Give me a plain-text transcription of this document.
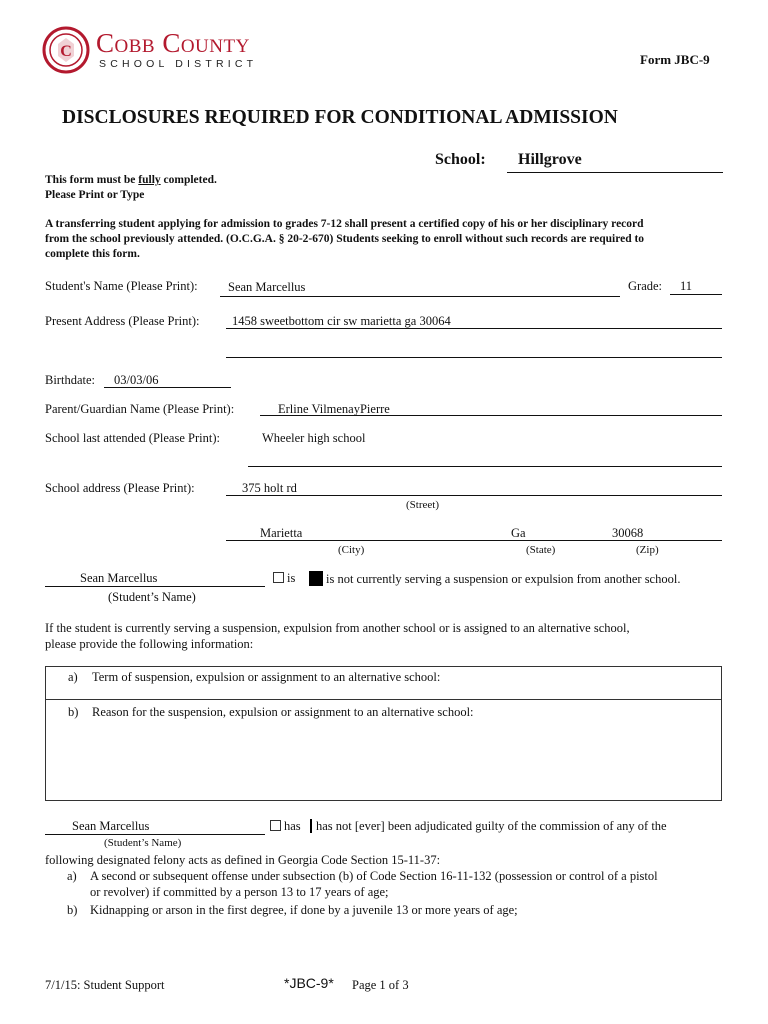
C Cobb County
SCHOOL DISTRICT	Form JBC-9
DISCLOSURES REQUIRED FOR CONDITIONAL ADMISSION
School: Hillgrove
This form must be fully completed.
Please Print or Type
A transferring student applying for admission to grades 7-12 shall present a certified copy of his or her disciplinary record
from the school previously attended. (O.C.G.A. § 20-2-670) Students seeking to enroll without such records are required to
complete this form.
Student's Name (Please Print): Sean Marcellus	Grade: 11
Present Address (Please Print):	1458 sweetbottom cir sw marietta ga 30064
Birthdate: 03/03/06
Parent/Guardian Name (Please Print):	Erline VilmenayPierre
School last attended (Please Print):	Wheeler high school
School address (Please Print):	375 holt rd
(Street)
Marietta	Ga	30068
(City)	(State)	(Zip)
Sean Marcellus
(Student’s Name)
is	is not currently serving a suspension or expulsion from another school.
If the student is currently serving a suspension, expulsion from another school or is assigned to an alternative school,
please provide the following information:
a) Term of suspension, expulsion or assignment to an alternative school:
b) Reason for the suspension, expulsion or assignment to an alternative school:
Sean Marcellus
(Student’s Name)
has	has not [ever] been adjudicated guilty of the commission of any of the
following designated felony acts as defined in Georgia Code Section 15-11-37:
a) A second or subsequent offense under subsection (b) of Code Section 16-11-132 (possession or control of a pistol
or revolver) if committed by a person 13 to 17 years of age;
b) Kidnapping or arson in the first degree, if done by a juvenile 13 or more years of age;
7/1/15: Student Support	*JBC-9* Page 1 of 3
